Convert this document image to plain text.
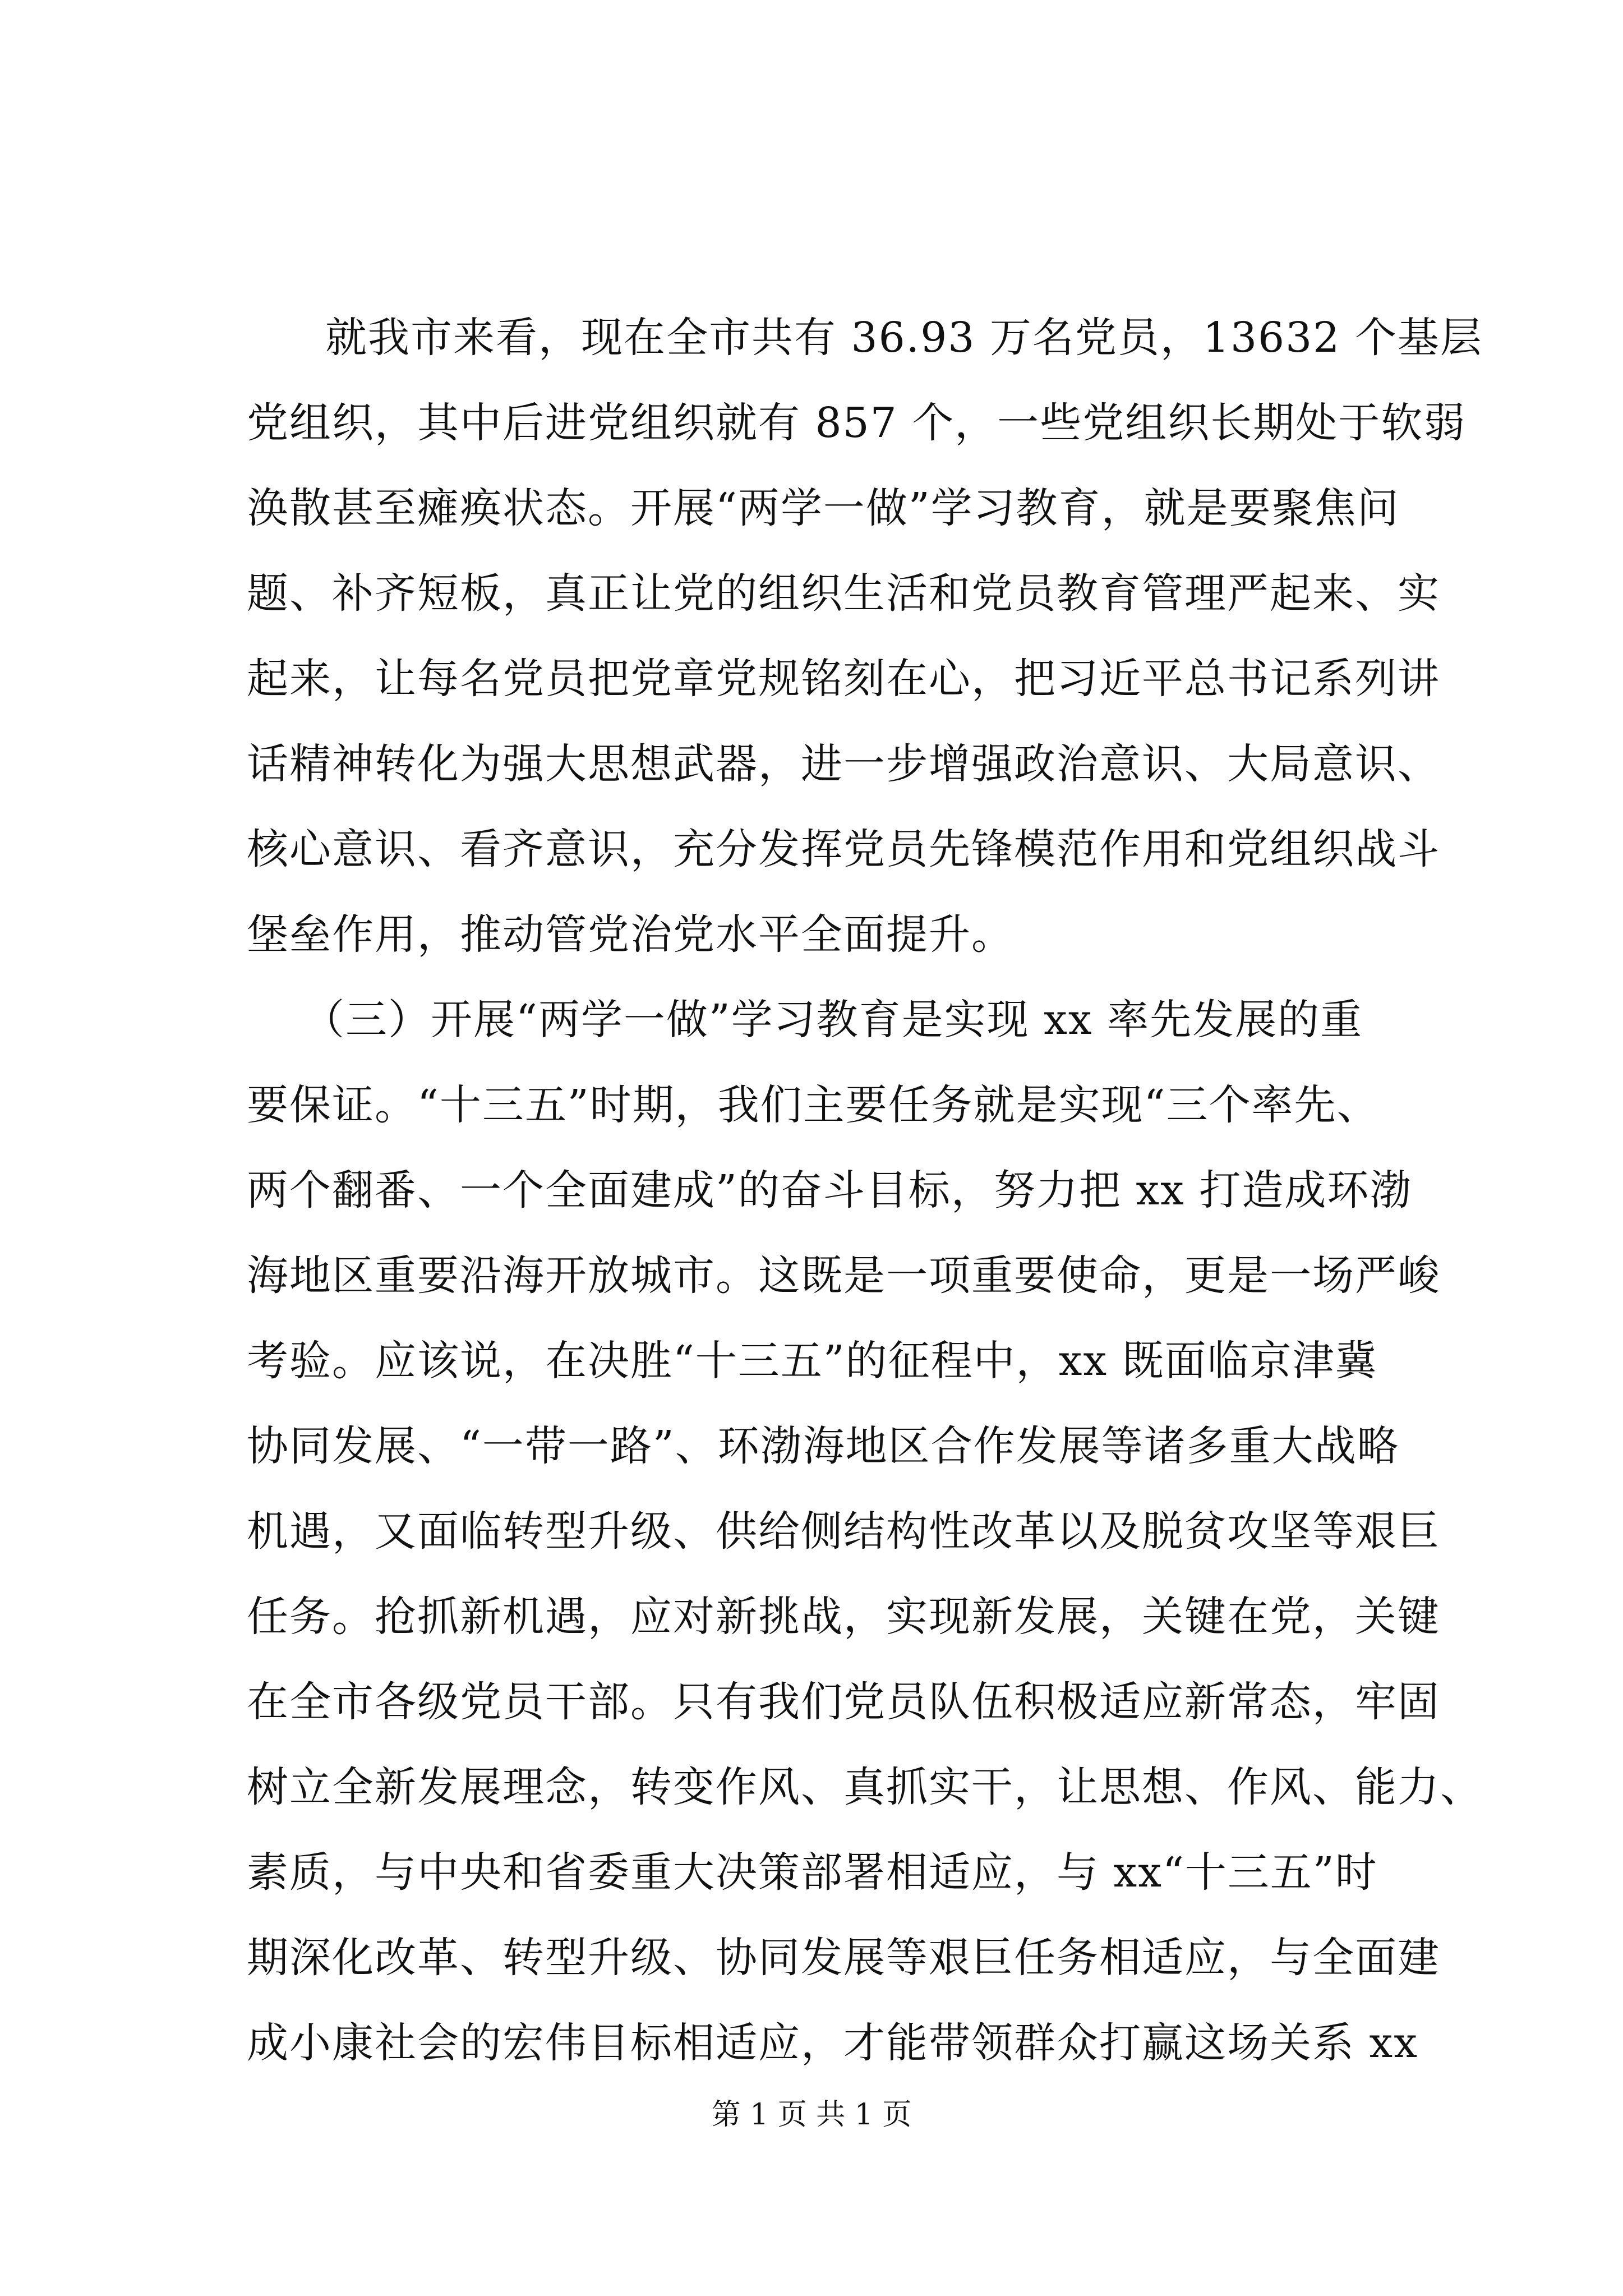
就我市来看，现在全市共有 36.93 万名党员，13632 个基层
党组织，其中后进党组织就有 857 个，一些党组织长期处于软弱
涣散甚至瘫痪状态。开展“两学一做”学习教育，就是要聚焦问
题、补齐短板，真正让党的组织生活和党员教育管理严起来、实
起来，让每名党员把党章党规铭刻在心，把习近平总书记系列讲
话精神转化为强大思想武器，进一步增强政治意识、大局意识、
核心意识、看齐意识，充分发挥党员先锋模范作用和党组织战斗
堡垒作用，推动管党治党水平全面提升。
（三）开展“两学一做”学习教育是实现 xx 率先发展的重
要保证。“十三五”时期，我们主要任务就是实现“三个率先、
两个翻番、一个全面建成”的奋斗目标，努力把 xx 打造成环渤
海地区重要沿海开放城市。这既是一项重要使命，更是一场严峻
考验。应该说，在决胜“十三五”的征程中，xx 既面临京津冀
协同发展、“一带一路”、环渤海地区合作发展等诸多重大战略
机遇，又面临转型升级、供给侧结构性改革以及脱贫攻坚等艰巨
任务。抢抓新机遇，应对新挑战，实现新发展，关键在党，关键
在全市各级党员干部。只有我们党员队伍积极适应新常态，牢固
树立全新发展理念，转变作风、真抓实干，让思想、作风、能力、
素质，与中央和省委重大决策部署相适应，与 xx“十三五”时
期深化改革、转型升级、协同发展等艰巨任务相适应，与全面建
成小康社会的宏伟目标相适应，才能带领群众打赢这场关系 xx
第 1 页 共 1 页
